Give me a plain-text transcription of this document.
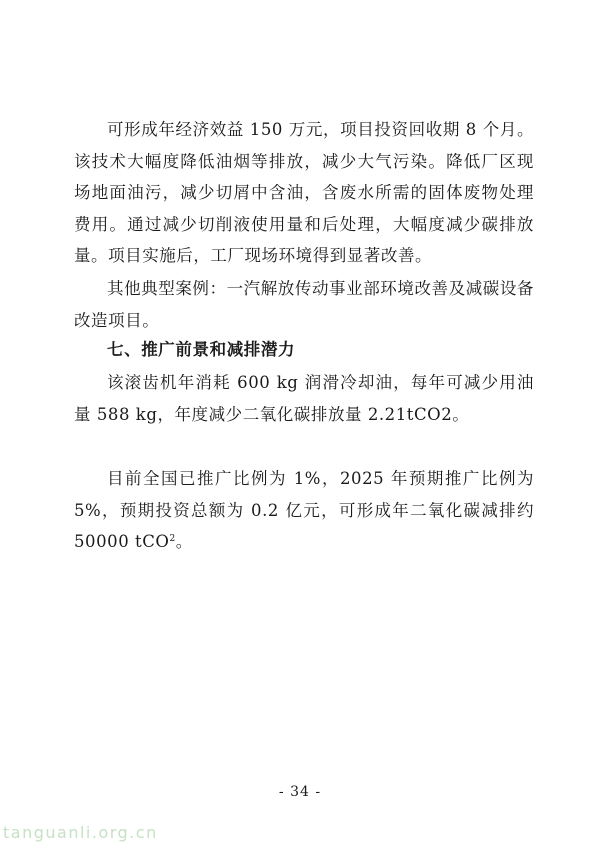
可形成年经济效益 150 万元，项目投资回收期 8 个月。该技术大幅度降低油烟等排放，减少大气污染。降低厂区现场地面油污，减少切屑中含油，含废水所需的固体废物处理费用。通过减少切削液使用量和后处理，大幅度减少碳排放量。项目实施后，工厂现场环境得到显著改善。

其他典型案例：一汽解放传动事业部环境改善及减碳设备改造项目。

七、推广前景和减排潜力

该滚齿机年消耗 600 kg 润滑冷却油，每年可减少用油量 588 kg，年度减少二氧化碳排放量 2.21tCO2。

目前全国已推广比例为 1%，2025 年预期推广比例为 5%，预期投资总额为 0.2 亿元，可形成年二氧化碳减排约 50000 tCO$^2$。

- 34 -
tanguanli.org.cn
